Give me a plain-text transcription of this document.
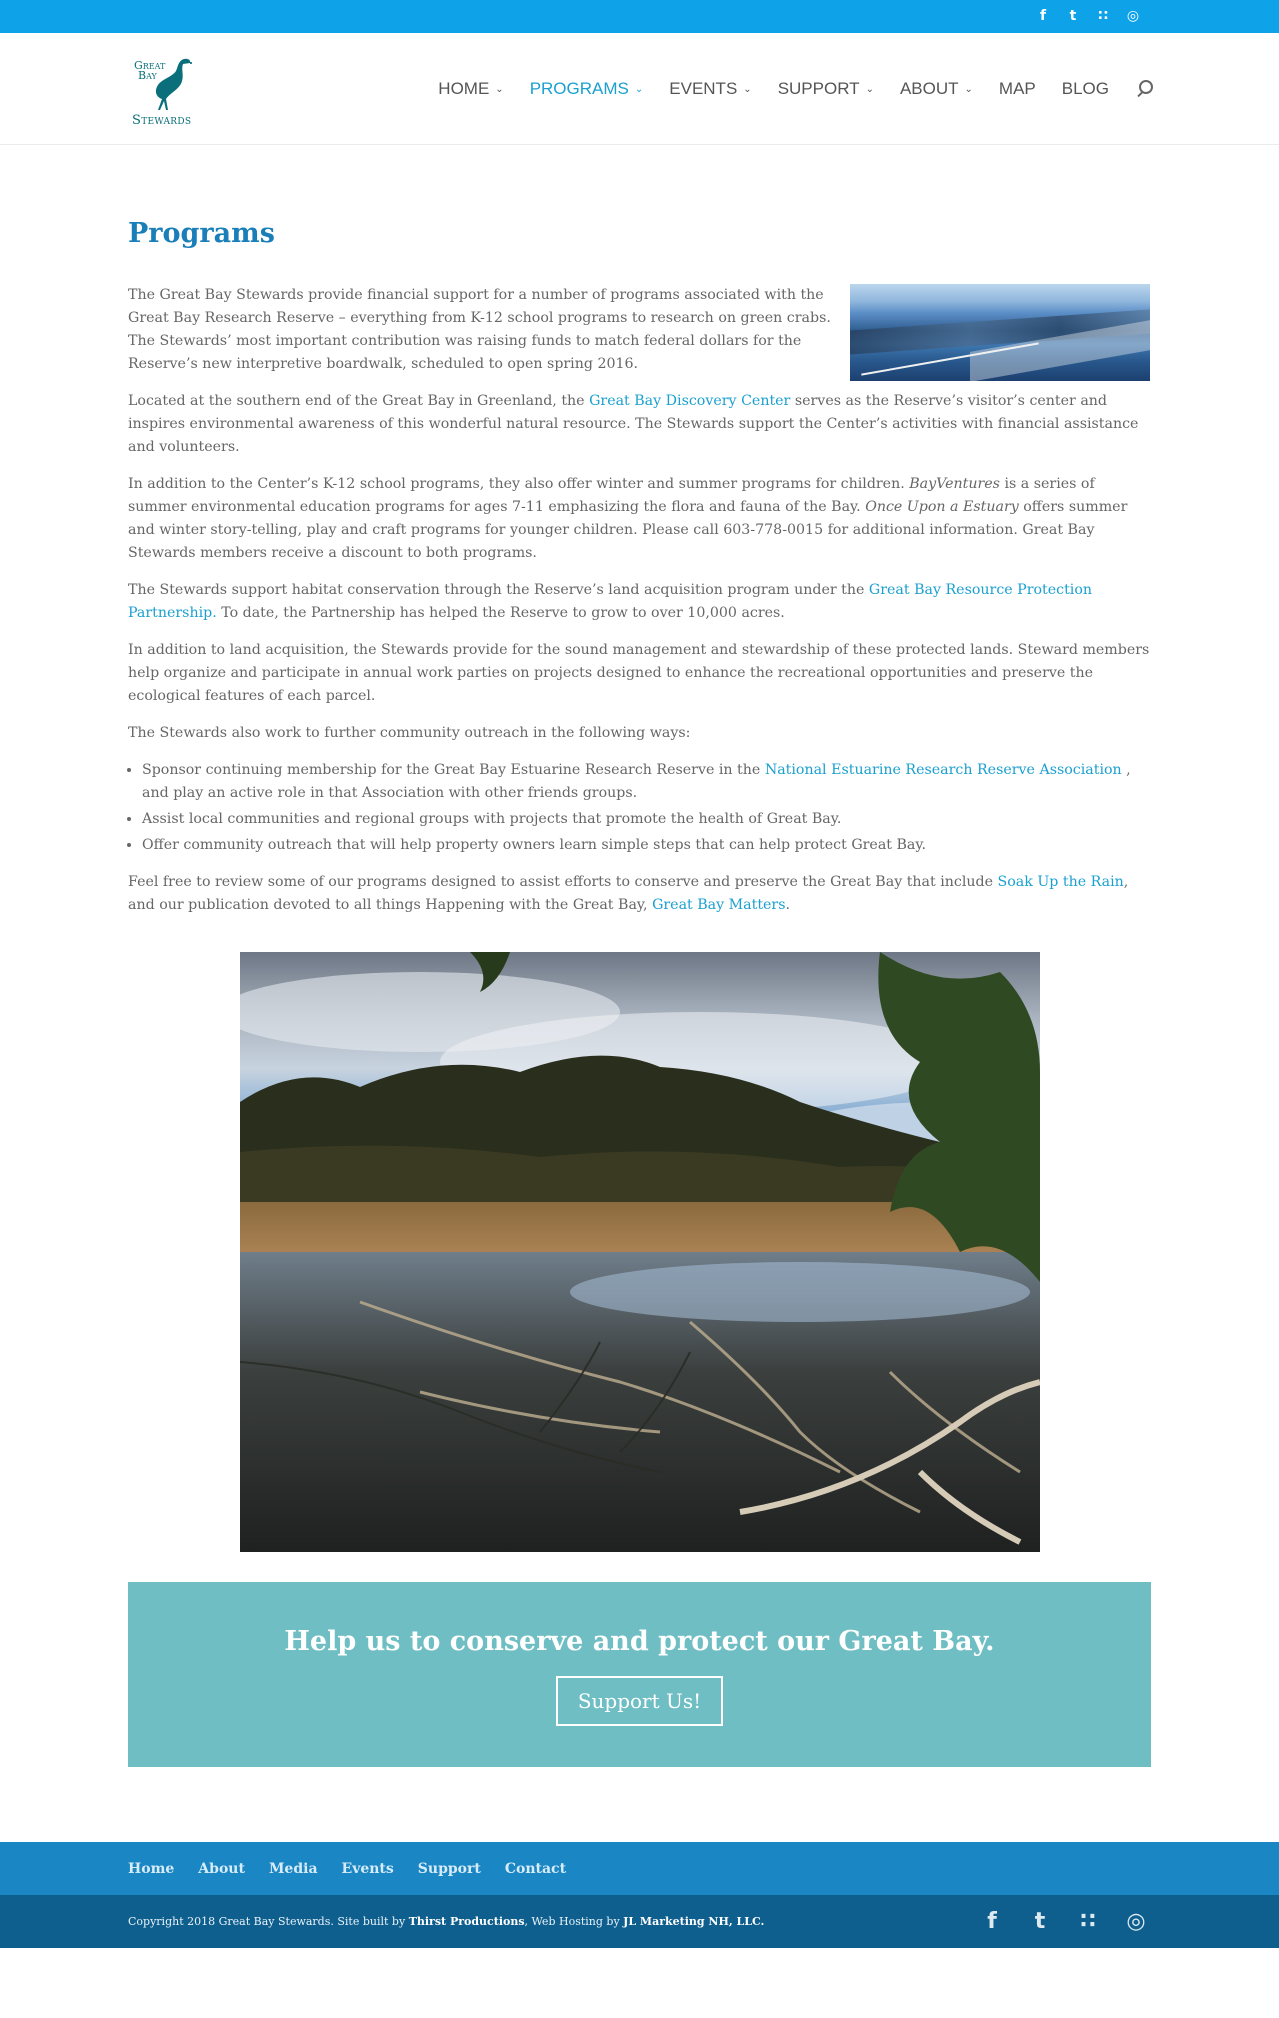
f	t	∷ ◎
Great
Bay
Stewards
HOME ⌄ PROGRAMS ⌄ EVENTS ⌄ SUPPORT ⌄ ABOUT ⌄ MAP BLOG
Programs

The Great Bay Stewards provide financial support for a number of programs associated with the Great Bay Research Reserve – everything from K-12 school programs to research on green crabs. The Stewards’ most important contribution was raising funds to match federal dollars for the Reserve’s new interpretive boardwalk, scheduled to open spring 2016.

Located at the southern end of the Great Bay in Greenland, the Great Bay Discovery Center serves as the Reserve’s visitor’s center and inspires environmental awareness of this wonderful natural resource. The Stewards support the Center’s activities with financial assistance and volunteers.

In addition to the Center’s K-12 school programs, they also offer winter and summer programs for children. BayVentures is a series of summer environmental education programs for ages 7-11 emphasizing the flora and fauna of the Bay. Once Upon a Estuary offers summer and winter story-telling, play and craft programs for younger children. Please call 603-778-0015 for additional information. Great Bay Stewards members receive a discount to both programs.

The Stewards support habitat conservation through the Reserve’s land acquisition program under the Great Bay Resource Protection Partnership. To date, the Partnership has helped the Reserve to grow to over 10,000 acres.

In addition to land acquisition, the Stewards provide for the sound management and stewardship of these protected lands. Steward members help organize and participate in annual work parties on projects designed to enhance the recreational opportunities and preserve the ecological features of each parcel.

The Stewards also work to further community outreach in the following ways:

• Sponsor continuing membership for the Great Bay Estuarine Research Reserve in the National Estuarine Research Reserve Association , and play an active role in that Association with other friends groups.
• Assist local communities and regional groups with projects that promote the health of Great Bay.
• Offer community outreach that will help property owners learn simple steps that can help protect Great Bay.

Feel free to review some of our programs designed to assist efforts to conserve and preserve the Great Bay that include Soak Up the Rain, and our publication devoted to all things Happening with the Great Bay, Great Bay Matters.

Help us to conserve and protect our Great Bay.
Support Us!
Home About Media Events Support Contact
Copyright 2018 Great Bay Stewards. Site built by Thirst Productions, Web Hosting by JL Marketing NH, LLC.	f	t	∷ ◎
